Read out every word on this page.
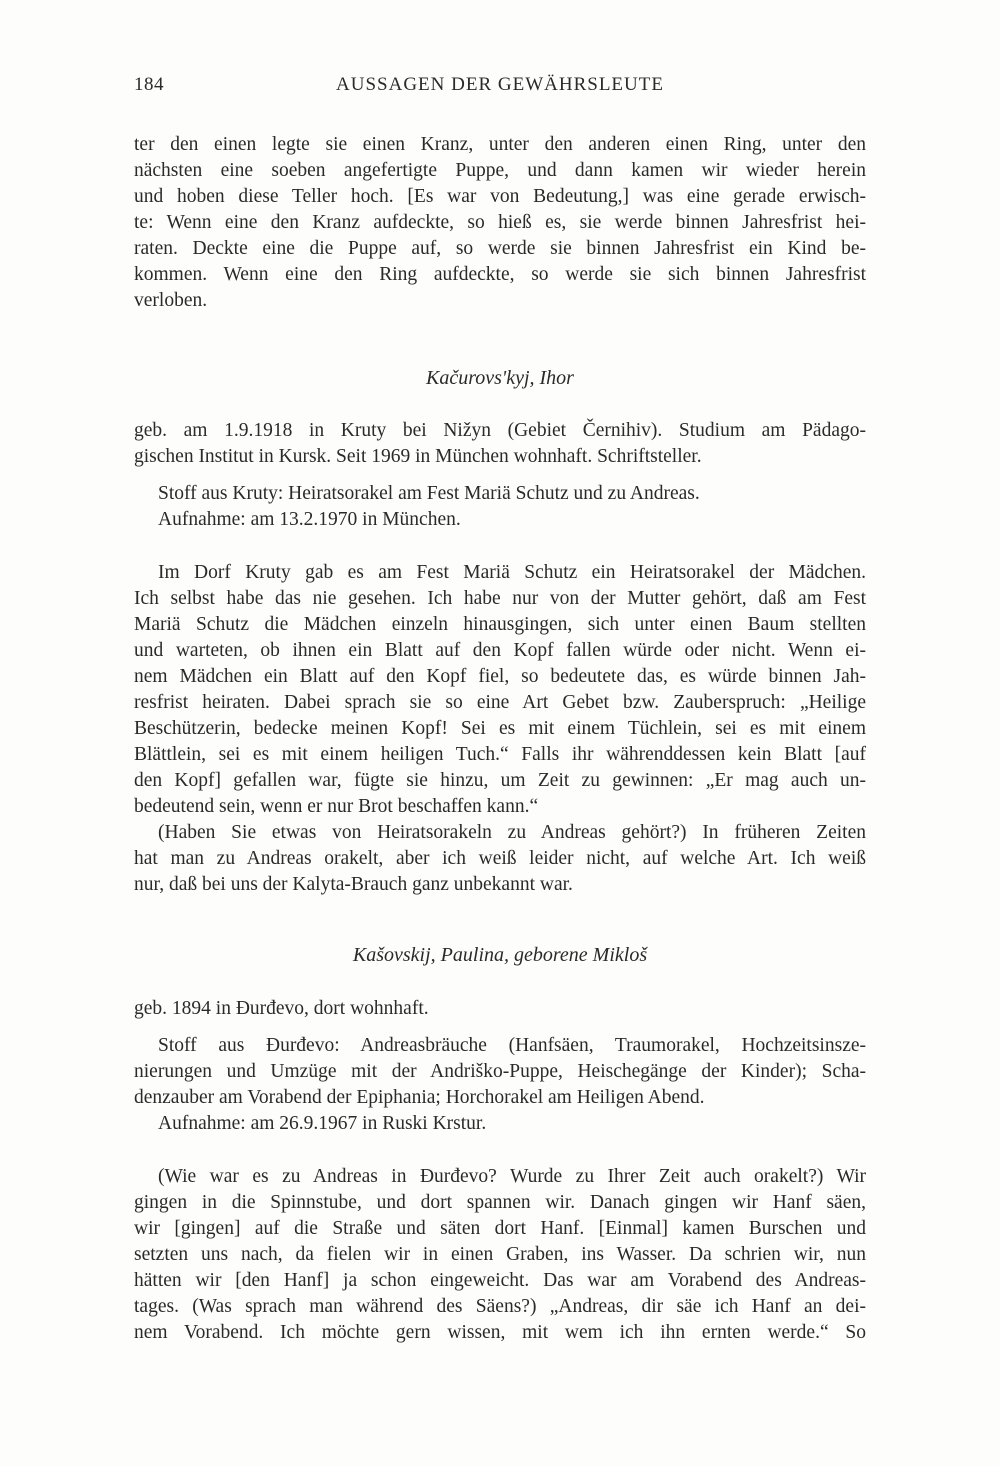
184	AUSSAGEN DER GEWÄHRSLEUTE
ter den einen legte sie einen Kranz, unter den anderen einen Ring, unter den
nächsten eine soeben angefertigte Puppe, und dann kamen wir wieder herein
und hoben diese Teller hoch. [Es war von Bedeutung,] was eine gerade erwisch-
te: Wenn eine den Kranz aufdeckte, so hieß es, sie werde binnen Jahresfrist hei-
raten. Deckte eine die Puppe auf, so werde sie binnen Jahresfrist ein Kind be-
kommen. Wenn eine den Ring aufdeckte, so werde sie sich binnen Jahresfrist
verloben.
Kačurovs'kyj, Ihor
geb. am 1.9.1918 in Kruty bei Nižyn (Gebiet Černihiv). Studium am Pädago-
gischen Institut in Kursk. Seit 1969 in München wohnhaft. Schriftsteller.
Stoff aus Kruty: Heiratsorakel am Fest Mariä Schutz und zu Andreas.
Aufnahme: am 13.2.1970 in München.
Im Dorf Kruty gab es am Fest Mariä Schutz ein Heiratsorakel der Mädchen.
Ich selbst habe das nie gesehen. Ich habe nur von der Mutter gehört, daß am Fest
Mariä Schutz die Mädchen einzeln hinausgingen, sich unter einen Baum stellten
und warteten, ob ihnen ein Blatt auf den Kopf fallen würde oder nicht. Wenn ei-
nem Mädchen ein Blatt auf den Kopf fiel, so bedeutete das, es würde binnen Jah-
resfrist heiraten. Dabei sprach sie so eine Art Gebet bzw. Zauberspruch: „Heilige
Beschützerin, bedecke meinen Kopf! Sei es mit einem Tüchlein, sei es mit einem
Blättlein, sei es mit einem heiligen Tuch.“ Falls ihr währenddessen kein Blatt [auf
den Kopf] gefallen war, fügte sie hinzu, um Zeit zu gewinnen: „Er mag auch un-
bedeutend sein, wenn er nur Brot beschaffen kann.“
(Haben Sie etwas von Heiratsorakeln zu Andreas gehört?) In früheren Zeiten
hat man zu Andreas orakelt, aber ich weiß leider nicht, auf welche Art. Ich weiß
nur, daß bei uns der Kalyta-Brauch ganz unbekannt war.
Kašovskij, Paulina, geborene Mikloš
geb. 1894 in Đurđevo, dort wohnhaft.
Stoff aus Đurđevo: Andreasbräuche (Hanfsäen, Traumorakel, Hochzeitsinsze-
nierungen und Umzüge mit der Andriško-Puppe, Heischegänge der Kinder); Scha-
denzauber am Vorabend der Epiphania; Horchorakel am Heiligen Abend.
Aufnahme: am 26.9.1967 in Ruski Krstur.
(Wie war es zu Andreas in Đurđevo? Wurde zu Ihrer Zeit auch orakelt?) Wir
gingen in die Spinnstube, und dort spannen wir. Danach gingen wir Hanf säen,
wir [gingen] auf die Straße und säten dort Hanf. [Einmal] kamen Burschen und
setzten uns nach, da fielen wir in einen Graben, ins Wasser. Da schrien wir, nun
hätten wir [den Hanf] ja schon eingeweicht. Das war am Vorabend des Andreas-
tages. (Was sprach man während des Säens?) „Andreas, dir säe ich Hanf an dei-
nem Vorabend. Ich möchte gern wissen, mit wem ich ihn ernten werde.“ So
